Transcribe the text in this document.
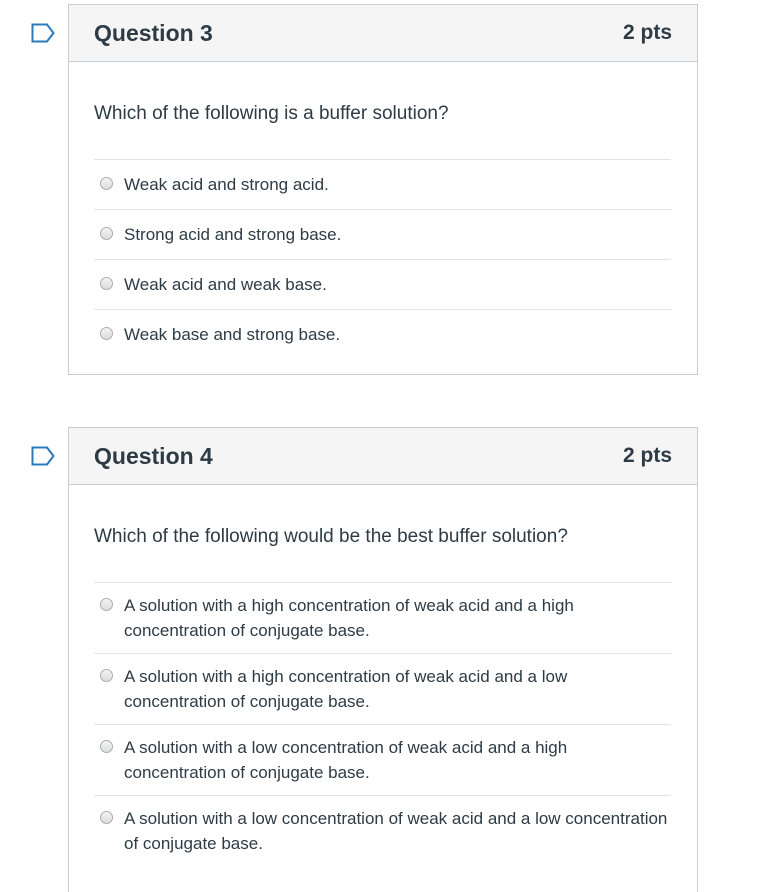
Question 3	2 pts

Which of the following is a buffer solution?

Weak acid and strong acid.
Strong acid and strong base.
Weak acid and weak base.
Weak base and strong base.
Question 4	2 pts

Which of the following would be the best buffer solution?

A solution with a high concentration of weak acid and a high concentration of conjugate base.
A solution with a high concentration of weak acid and a low concentration of conjugate base.
A solution with a low concentration of weak acid and a high concentration of conjugate base.
A solution with a low concentration of weak acid and a low concentration of conjugate base.
